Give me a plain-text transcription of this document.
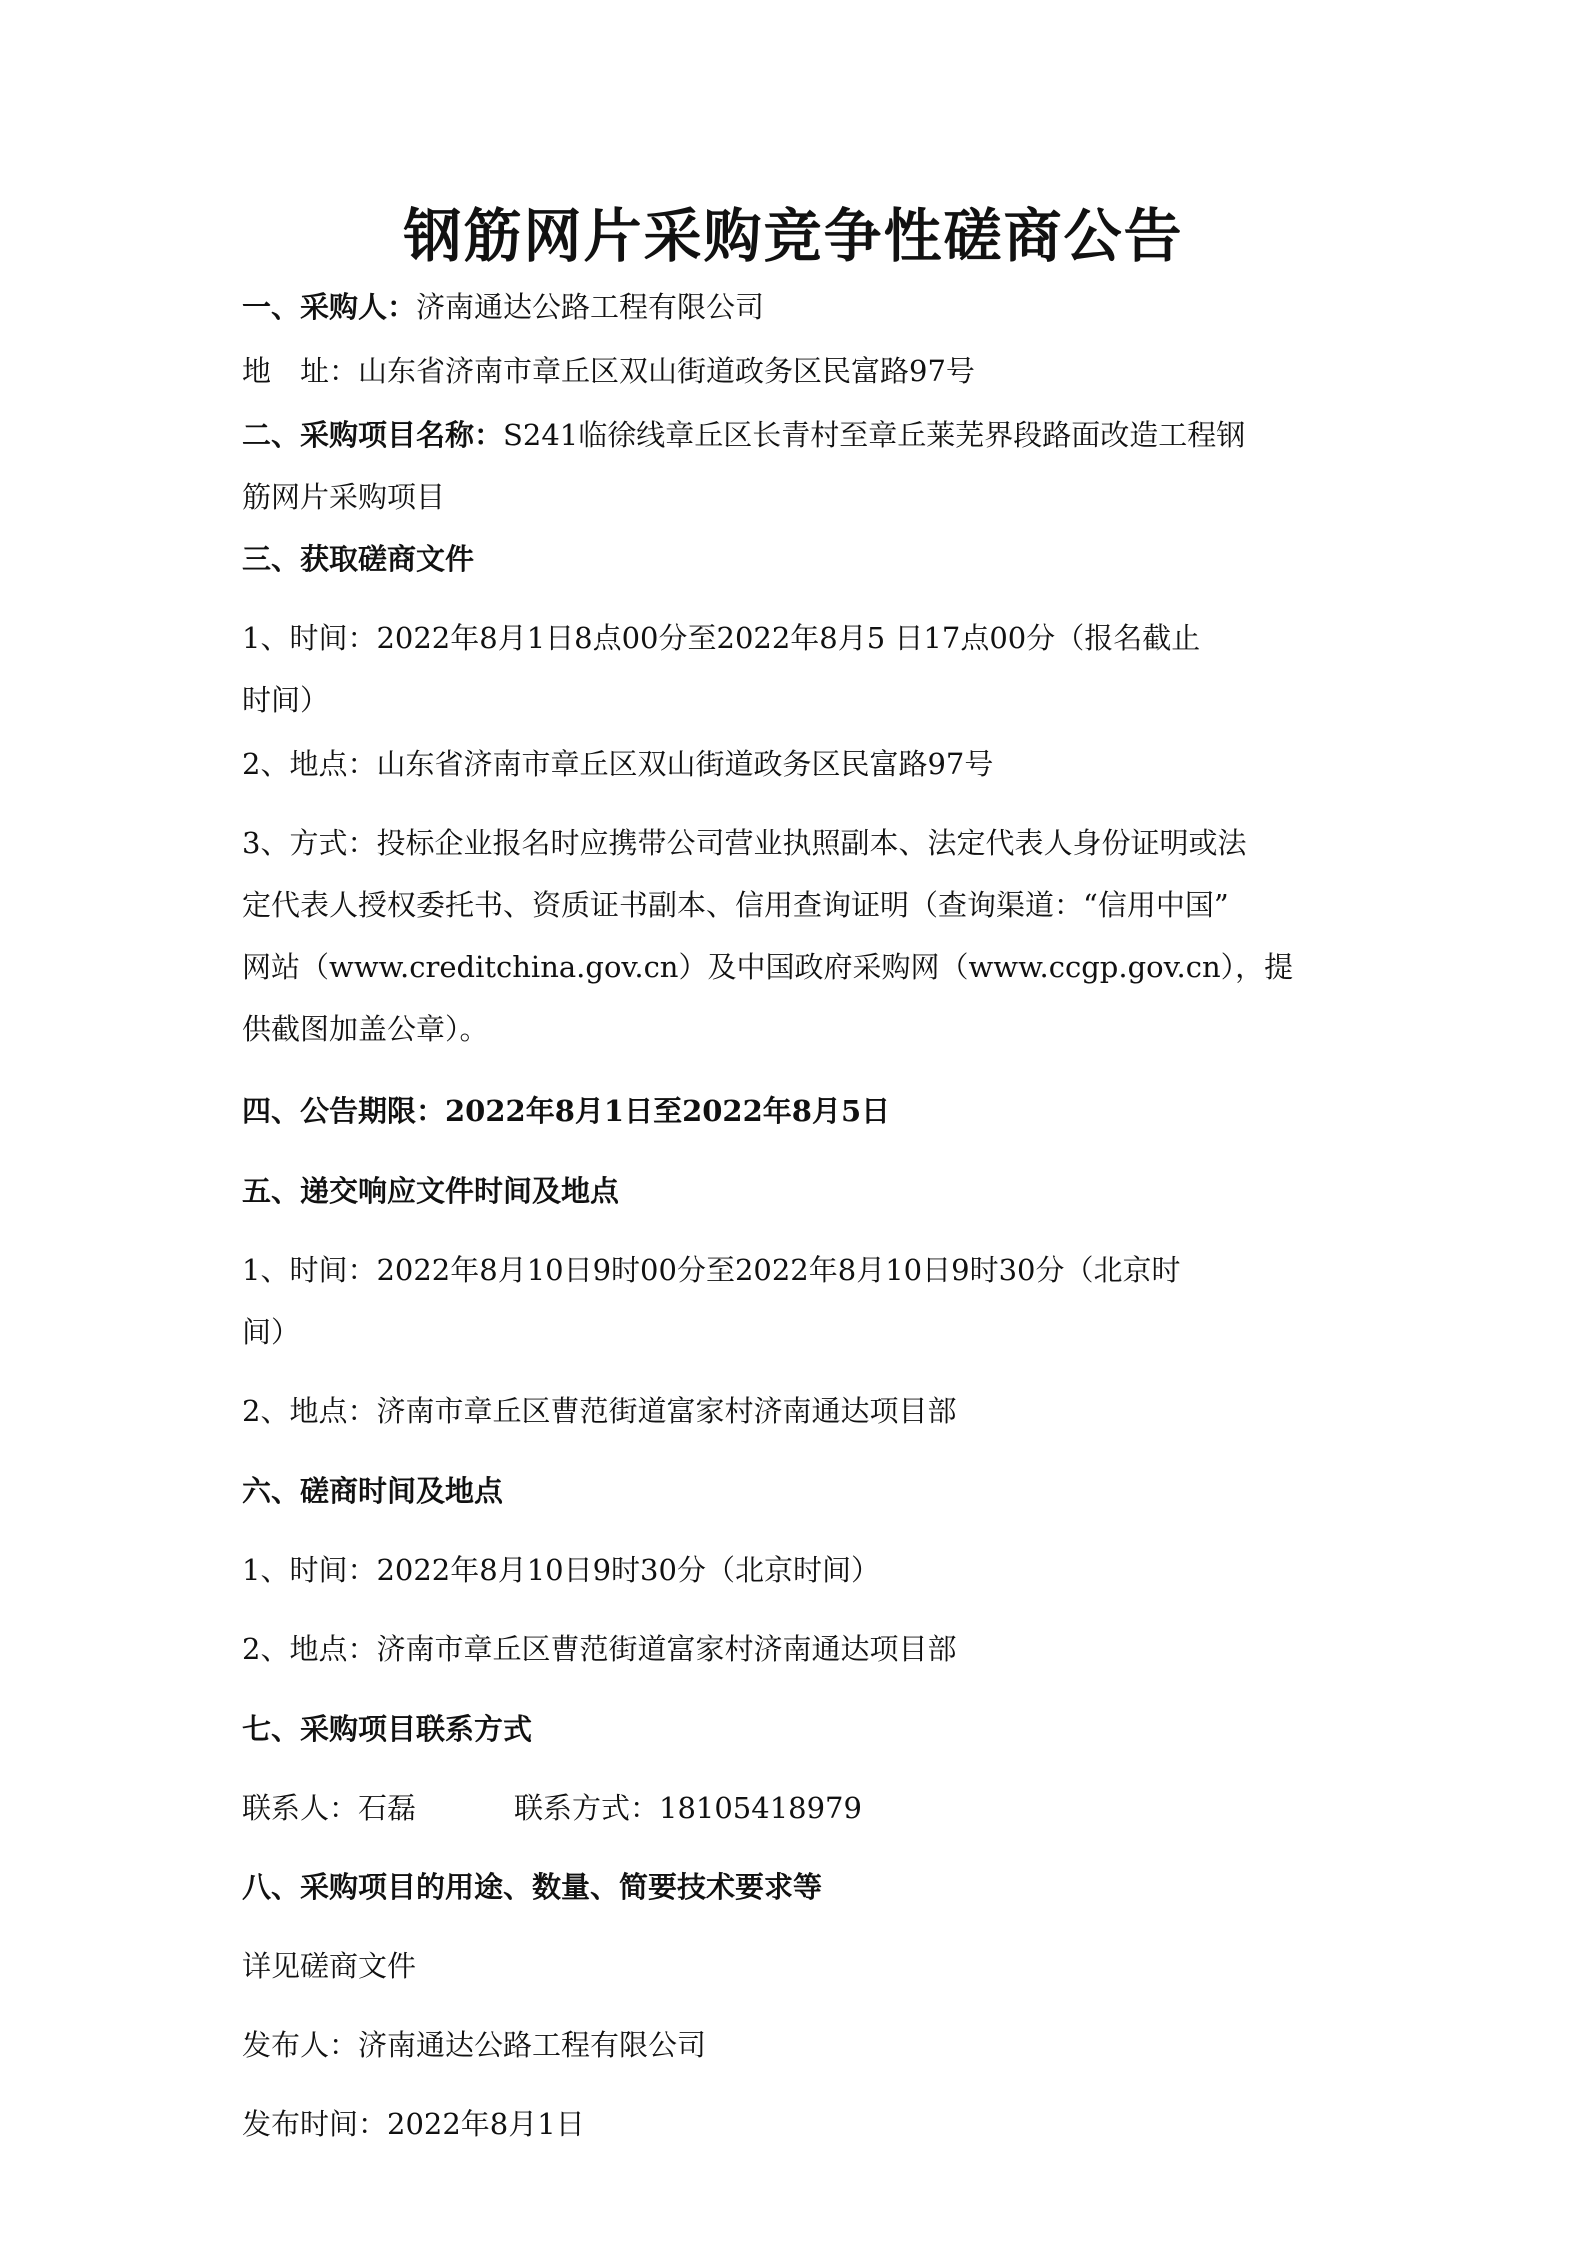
钢筋网片采购竞争性磋商公告
一、采购人：济南通达公路工程有限公司
地　址：山东省济南市章丘区双山街道政务区民富路97号
二、采购项目名称：S241临徐线章丘区长青村至章丘莱芜界段路面改造工程钢
筋网片采购项目
三、获取磋商文件
1、时间：2022年8月1日8点00分至2022年8月5 日17点00分（报名截止
时间）
2、地点：山东省济南市章丘区双山街道政务区民富路97号
3、方式：投标企业报名时应携带公司营业执照副本、法定代表人身份证明或法
定代表人授权委托书、资质证书副本、信用查询证明（查询渠道：“信用中国”
网站（www.creditchina.gov.cn）及中国政府采购网（www.ccgp.gov.cn），提
供截图加盖公章）。
四、公告期限：2022年8月1日至2022年8月5日
五、递交响应文件时间及地点
1、时间：2022年8月10日9时00分至2022年8月10日9时30分（北京时
间）
2、地点：济南市章丘区曹范街道富家村济南通达项目部
六、磋商时间及地点
1、时间：2022年8月10日9时30分（北京时间）
2、地点：济南市章丘区曹范街道富家村济南通达项目部
七、采购项目联系方式
联系人：石磊	联系方式：18105418979
八、采购项目的用途、数量、简要技术要求等
详见磋商文件
发布人：济南通达公路工程有限公司
发布时间：2022年8月1日
